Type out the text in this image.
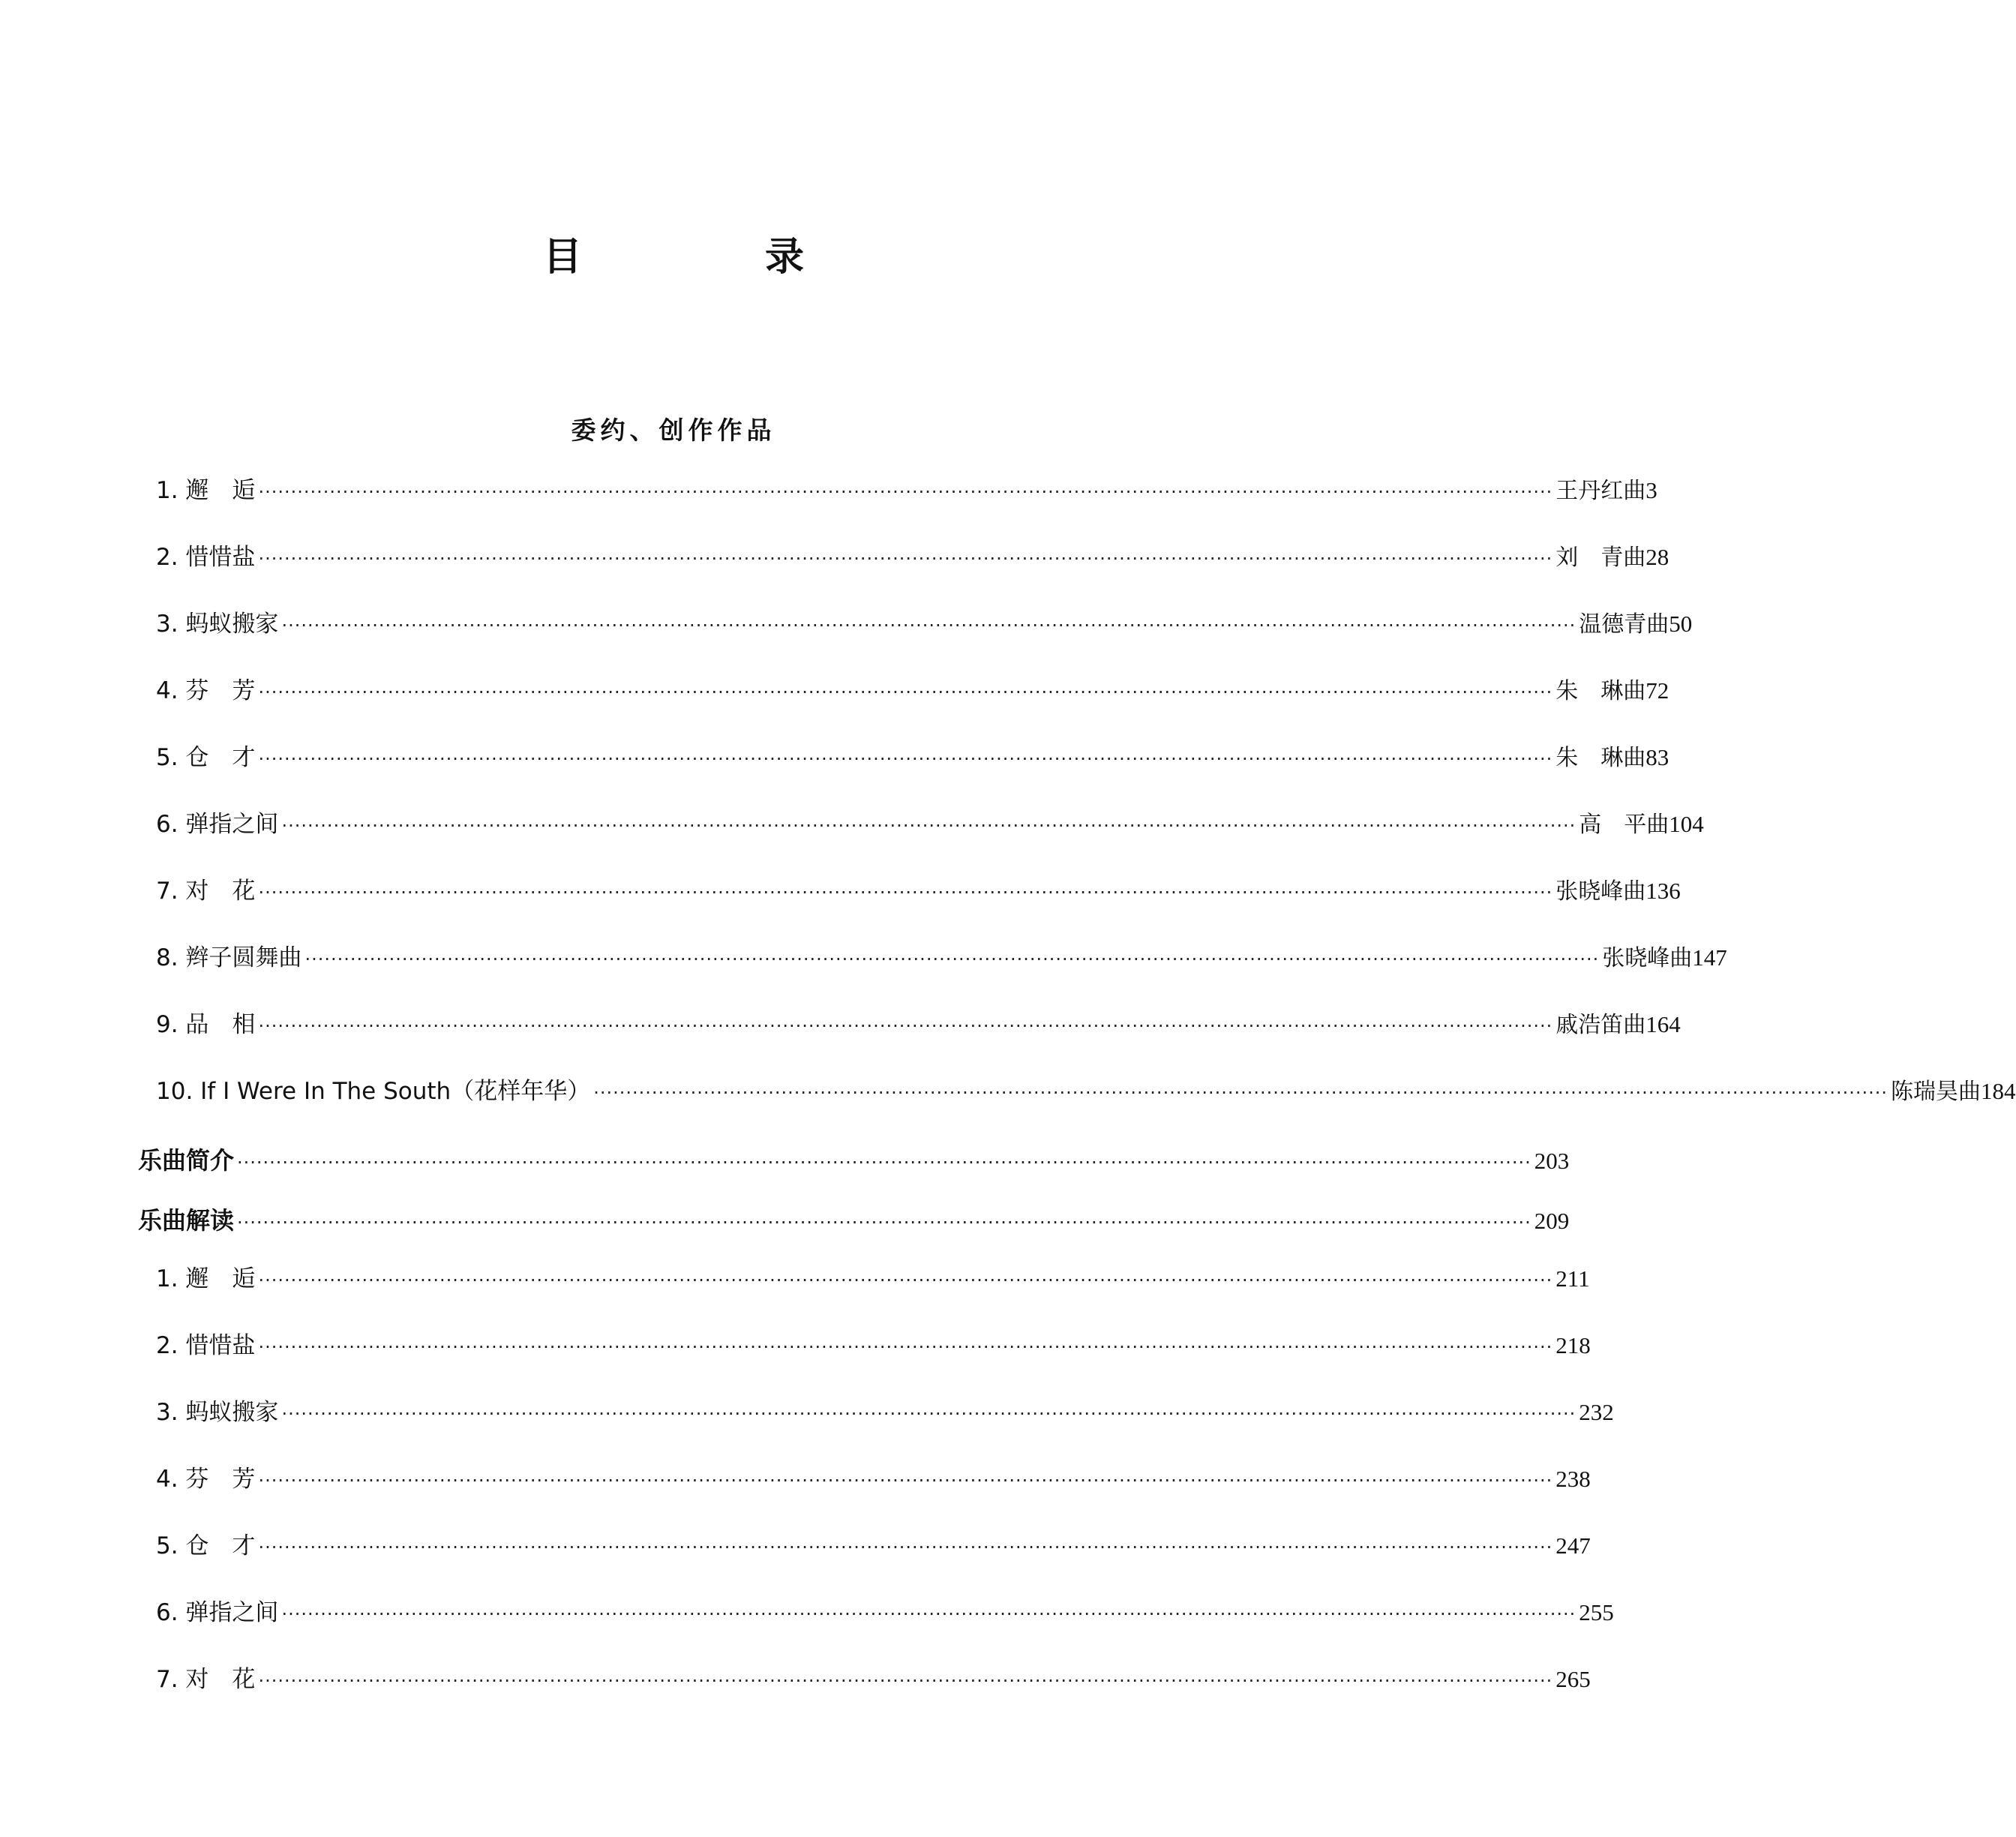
目　录
委约、创作作品
1. 邂　逅 ········································································································································································································ 王丹红曲 3
2. 惜惜盐 ········································································································································································································ 刘　青曲 28
3. 蚂蚁搬家 ········································································································································································································ 温德青曲 50
4. 芬　芳 ········································································································································································································ 朱　琳曲 72
5. 仓　才 ········································································································································································································ 朱　琳曲 83
6. 弹指之间 ········································································································································································································ 高　平曲 104
7. 对　花 ········································································································································································································ 张晓峰曲 136
8. 辫子圆舞曲 ········································································································································································································ 张晓峰曲 147
9. 品　相 ········································································································································································································ 戚浩笛曲 164
10. If I Were In The South（花样年华） ········································································································································································································ 陈瑞昊曲 184
乐曲简介 ········································································································································································································ 203
乐曲解读 ········································································································································································································ 209
1. 邂　逅 ········································································································································································································ 211
2. 惜惜盐 ········································································································································································································ 218
3. 蚂蚁搬家 ········································································································································································································ 232
4. 芬　芳 ········································································································································································································ 238
5. 仓　才 ········································································································································································································ 247
6. 弹指之间 ········································································································································································································ 255
7. 对　花 ········································································································································································································ 265
